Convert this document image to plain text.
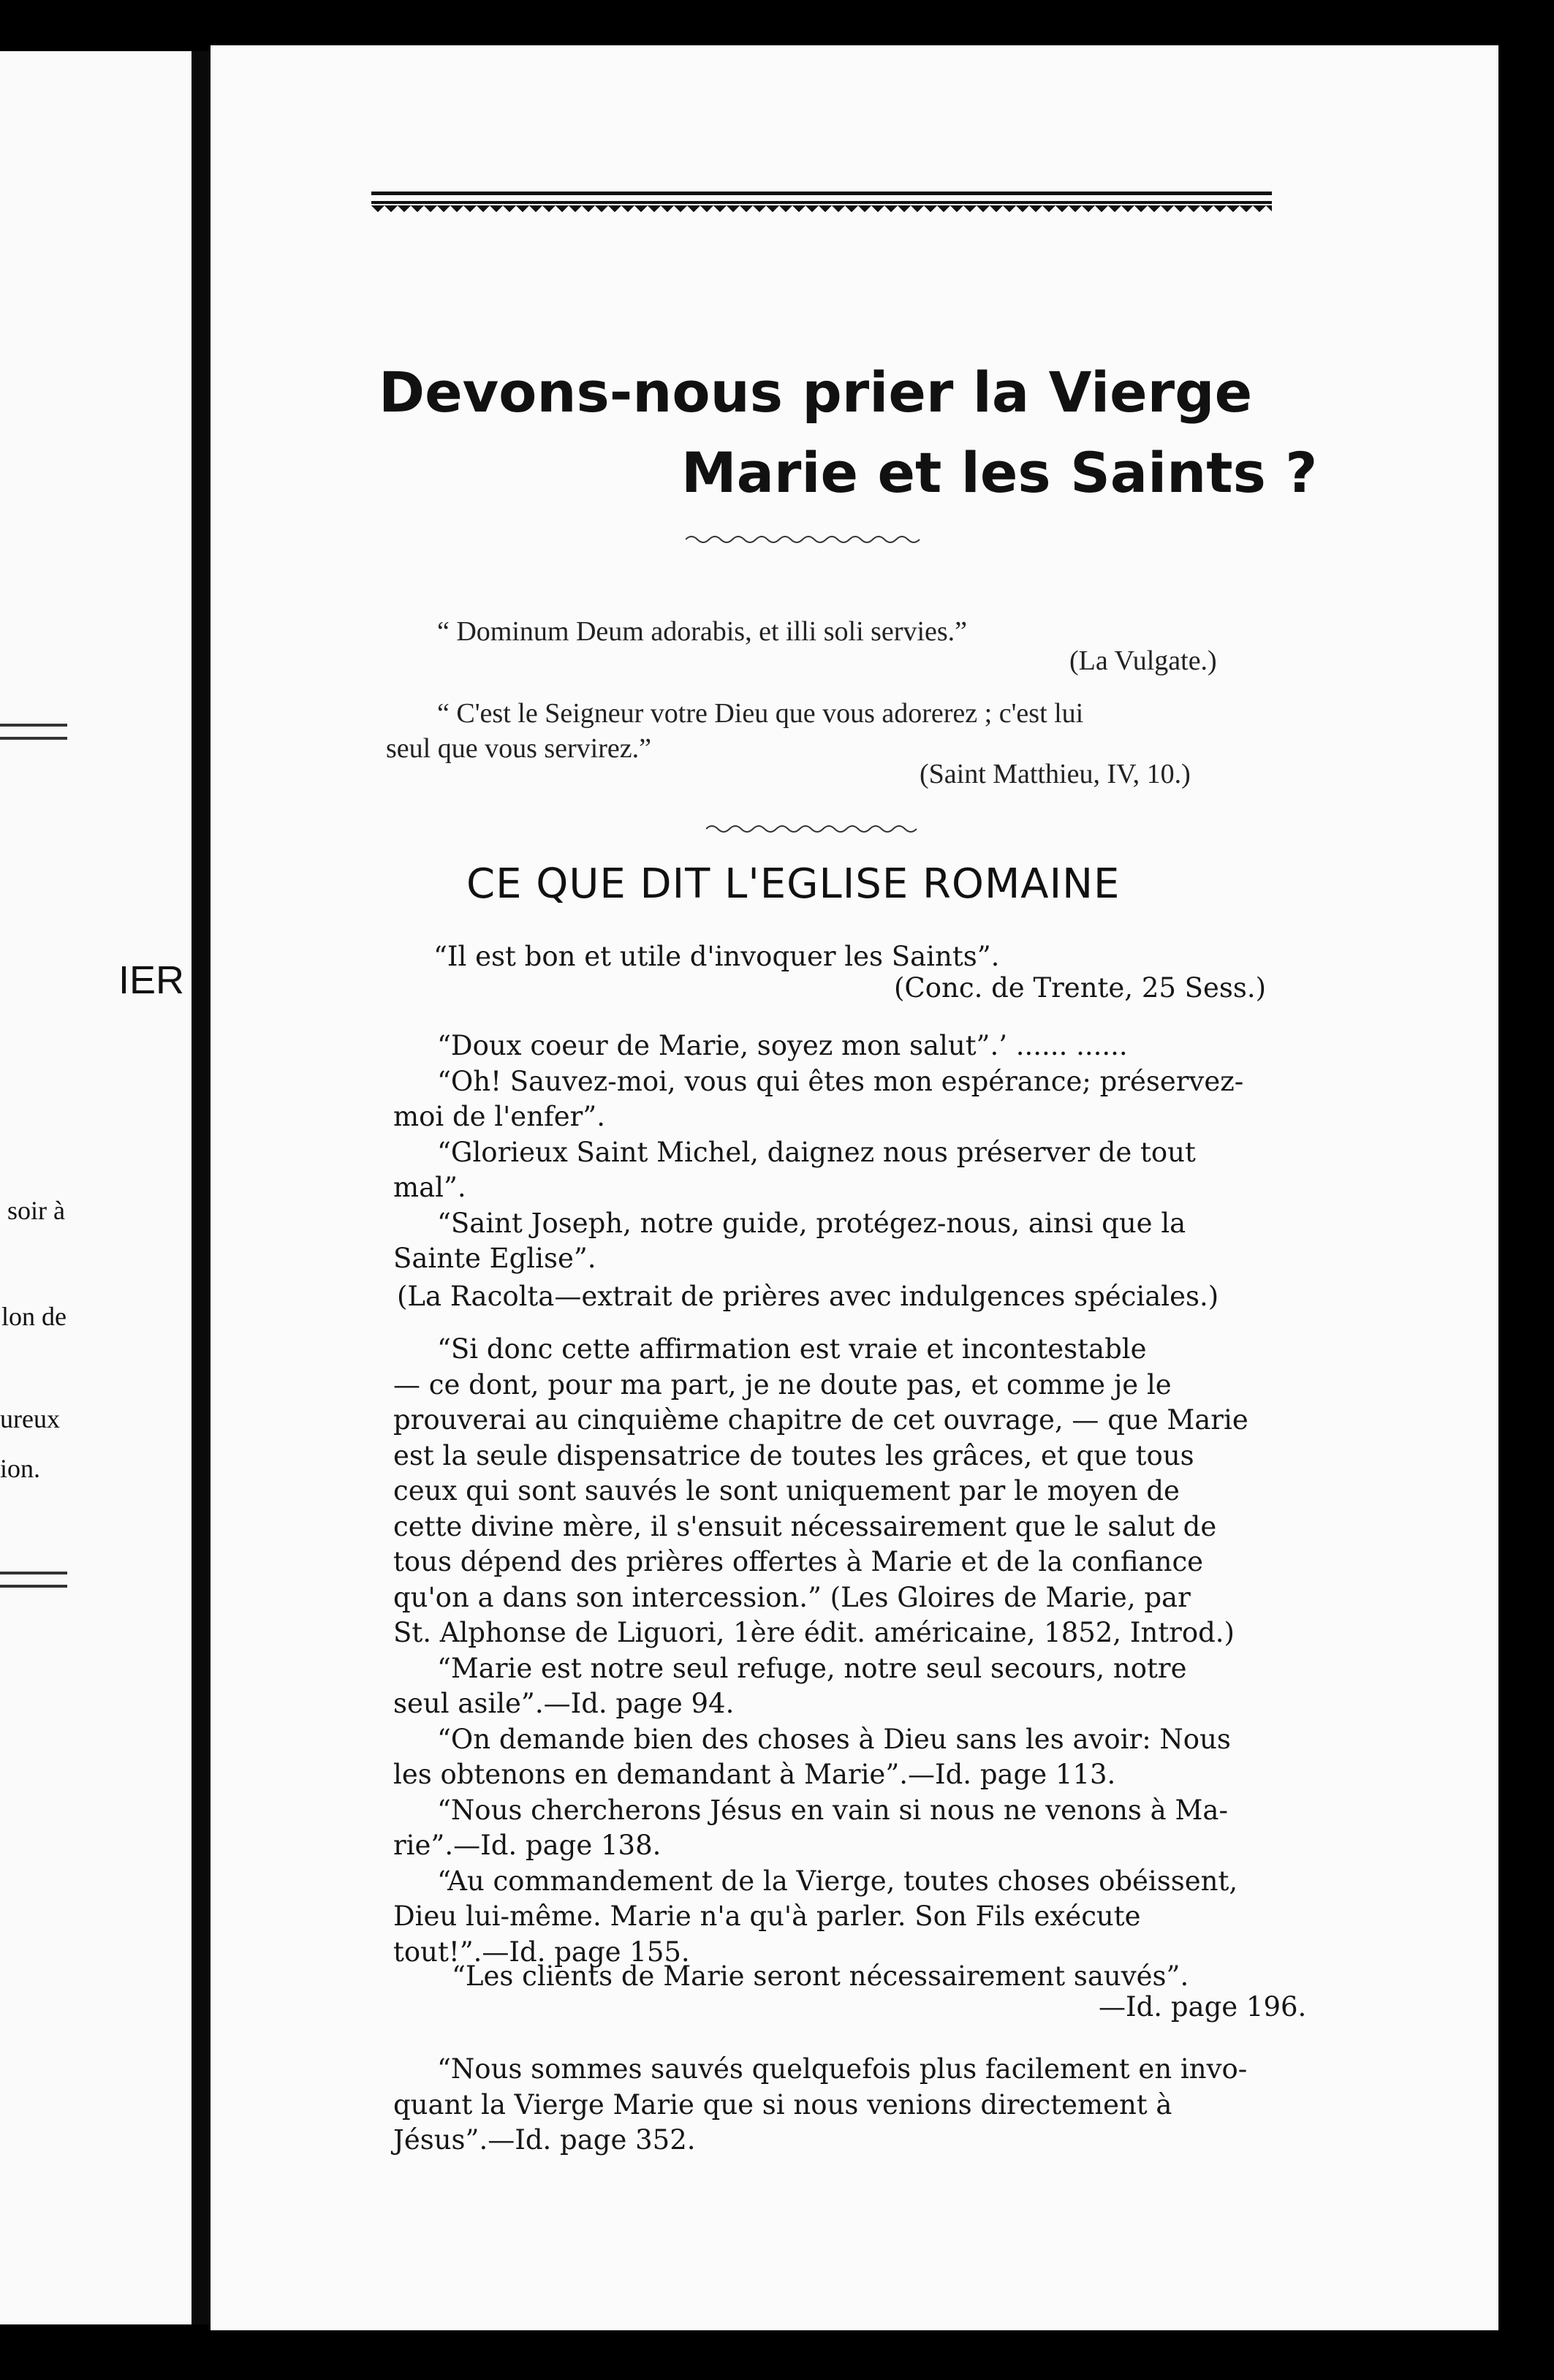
IER
soir à
lon de
ureux
ion.
Devons-nous prier la Vierge
Marie et les Saints ?
“ Dominum Deum adorabis, et illi soli servies.”
(La Vulgate.)
“ C'est le Seigneur votre Dieu que vous adorerez ; c'est lui
seul que vous servirez.”
(Saint Matthieu, IV, 10.)
CE QUE DIT L'EGLISE ROMAINE
“Il est bon et utile d'invoquer les Saints”.
(Conc. de Trente, 25 Sess.)
“Doux coeur de Marie, soyez mon salut”.’ ...... ......
“Oh! Sauvez-moi, vous qui êtes mon espérance; préservez-
moi de l'enfer”.
“Glorieux Saint Michel, daignez nous préserver de tout
mal”.
“Saint Joseph, notre guide, protégez-nous, ainsi que la
Sainte Eglise”.
(La Racolta—extrait de prières avec indulgences spéciales.)
“Si donc cette affirmation est vraie et incontestable
— ce dont, pour ma part, je ne doute pas, et comme je le
prouverai au cinquième chapitre de cet ouvrage, — que Marie
est la seule dispensatrice de toutes les grâces, et que tous
ceux qui sont sauvés le sont uniquement par le moyen de
cette divine mère, il s'ensuit nécessairement que le salut de
tous dépend des prières offertes à Marie et de la confiance
qu'on a dans son intercession.” (Les Gloires de Marie, par
St. Alphonse de Liguori, 1ère édit. américaine, 1852, Introd.)
“Marie est notre seul refuge, notre seul secours, notre
seul asile”.—Id. page 94.
“On demande bien des choses à Dieu sans les avoir: Nous
les obtenons en demandant à Marie”.—Id. page 113.
“Nous chercherons Jésus en vain si nous ne venons à Ma-
rie”.—Id. page 138.
“Au commandement de la Vierge, toutes choses obéissent,
Dieu lui-même. Marie n'a qu'à parler. Son Fils exécute
tout!”.—Id. page 155.
“Les clients de Marie seront nécessairement sauvés”.
—Id. page 196.
“Nous sommes sauvés quelquefois plus facilement en invo-
quant la Vierge Marie que si nous venions directement à
Jésus”.—Id. page 352.
